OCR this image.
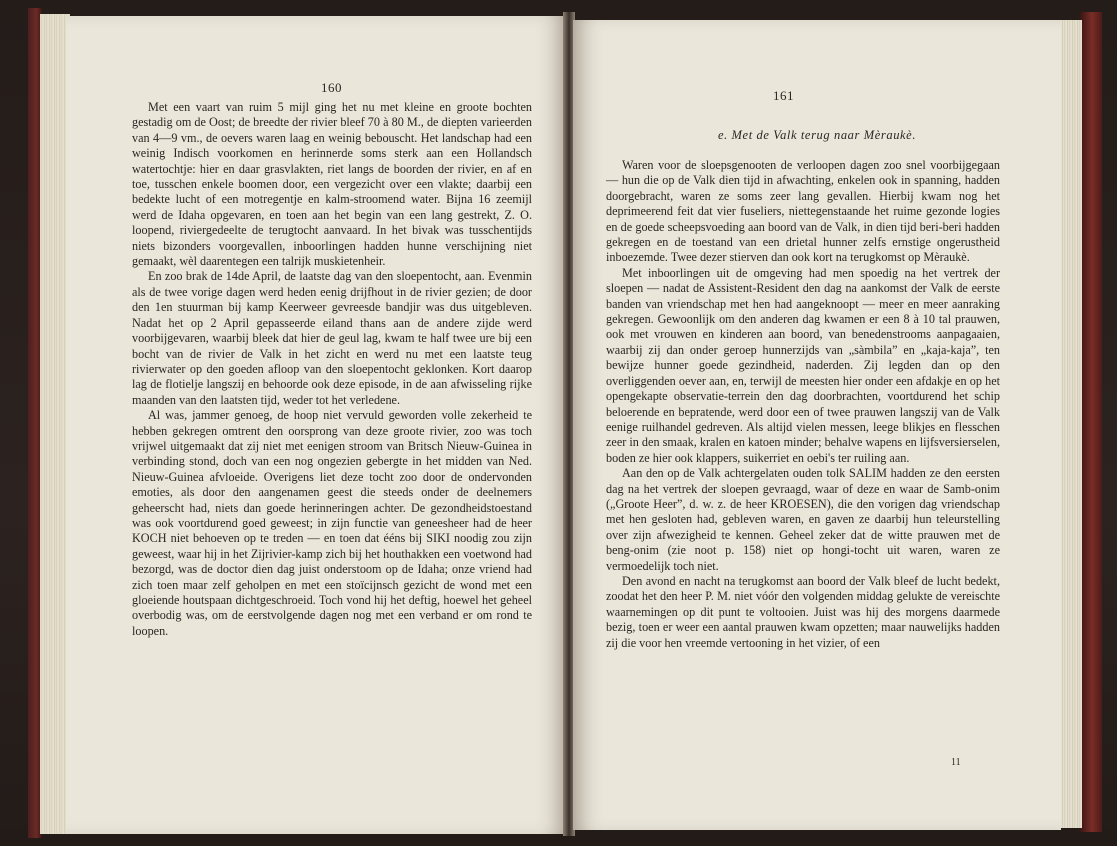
160

Met een vaart van ruim 5 mijl ging het nu met kleine en groote bochten gestadig om de Oost; de breedte der rivier bleef 70 à 80 M., de diepten varieerden van 4—9 vm., de oevers waren laag en weinig bebouscht. Het landschap had een weinig Indisch voorkomen en herinnerde soms sterk aan een Hollandsch watertochtje: hier en daar grasvlakten, riet langs de boorden der rivier, en af en toe, tusschen enkele boomen door, een vergezicht over een vlakte; daarbij een bedekte lucht of een motregentje en kalm-stroomend water. Bijna 16 zeemijl werd de Idaha opgevaren, en toen aan het begin van een lang gestrekt, Z. O. loopend, riviergedeelte de terugtocht aanvaard. In het bivak was tusschentijds niets bizonders voorgevallen, inboorlingen hadden hunne verschijning niet gemaakt, wèl daarentegen een talrijk muskietenheir.

En zoo brak de 14de April, de laatste dag van den sloepentocht, aan. Evenmin als de twee vorige dagen werd heden eenig drijfhout in de rivier gezien; de door den 1en stuurman bij kamp Keerweer gevreesde bandjir was dus uitgebleven. Nadat het op 2 April gepasseerde eiland thans aan de andere zijde werd voorbijgevaren, waarbij bleek dat hier de geul lag, kwam te half twee ure bij een bocht van de rivier de Valk in het zicht en werd nu met een laatste teug rivierwater op den goeden afloop van den sloepentocht geklonken. Kort daarop lag de flotielje langszij en behoorde ook deze episode, in de aan afwisseling rijke maanden van den laatsten tijd, weder tot het verledene.

Al was, jammer genoeg, de hoop niet vervuld geworden volle zekerheid te hebben gekregen omtrent den oorsprong van deze groote rivier, zoo was toch vrijwel uitgemaakt dat zij niet met eenigen stroom van Britsch Nieuw-Guinea in verbinding stond, doch van een nog ongezien gebergte in het midden van Ned. Nieuw-Guinea afvloeide. Overigens liet deze tocht zoo door de ondervonden emoties, als door den aangenamen geest die steeds onder de deelnemers geheerscht had, niets dan goede herinneringen achter. De gezondheidstoestand was ook voortdurend goed geweest; in zijn functie van geneesheer had de heer KOCH niet behoeven op te treden — en toen dat ééns bij SIKI noodig zou zijn geweest, waar hij in het Zijrivier-kamp zich bij het houthakken een voetwond had bezorgd, was de doctor dien dag juist onderstoom op de Idaha; onze vriend had zich toen maar zelf geholpen en met een stoïcijnsch gezicht de wond met een gloeiende houtspaan dichtgeschroeid. Toch vond hij het deftig, hoewel het geheel overbodig was, om de eerstvolgende dagen nog met een verband er om rond te loopen.

161
e. Met de Valk terug naar Mèraukè.

Waren voor de sloepsgenooten de verloopen dagen zoo snel voorbijgegaan — hun die op de Valk dien tijd in afwachting, enkelen ook in spanning, hadden doorgebracht, waren ze soms zeer lang gevallen. Hierbij kwam nog het deprimeerend feit dat vier fuseliers, niettegenstaande het ruime gezonde logies en de goede scheepsvoeding aan boord van de Valk, in dien tijd beri-beri hadden gekregen en de toestand van een drietal hunner zelfs ernstige ongerustheid inboezemde. Twee dezer stierven dan ook kort na terugkomst op Mèraukè.

Met inboorlingen uit de omgeving had men spoedig na het vertrek der sloepen — nadat de Assistent-Resident den dag na aankomst der Valk de eerste banden van vriendschap met hen had aangeknoopt — meer en meer aanraking gekregen. Gewoonlijk om den anderen dag kwamen er een 8 à 10 tal prauwen, ook met vrouwen en kinderen aan boord, van benedenstrooms aanpagaaien, waarbij zij dan onder geroep hunnerzijds van „sàmbila” en „kaja-kaja”, ten bewijze hunner goede gezindheid, naderden. Zij legden dan op den overliggenden oever aan, en, terwijl de meesten hier onder een afdakje en op het opengekapte observatie-terrein den dag doorbrachten, voortdurend het schip beloerende en bepratende, werd door een of twee prauwen langszij van de Valk eenige ruilhandel gedreven. Als altijd vielen messen, leege blikjes en flesschen zeer in den smaak, kralen en katoen minder; behalve wapens en lijfsversierselen, boden ze hier ook klappers, suikerriet en oebi's ter ruiling aan.

Aan den op de Valk achtergelaten ouden tolk SALIM hadden ze den eersten dag na het vertrek der sloepen gevraagd, waar of deze en waar de Samb-onim („Groote Heer”, d. w. z. de heer KROESEN), die den vorigen dag vriendschap met hen gesloten had, gebleven waren, en gaven ze daarbij hun teleurstelling over zijn afwezigheid te kennen. Geheel zeker dat de witte prauwen met de beng-onim (zie noot p. 158) niet op hongi-tocht uit waren, waren ze vermoedelijk toch niet.

Den avond en nacht na terugkomst aan boord der Valk bleef de lucht bedekt, zoodat het den heer P. M. niet vóór den volgenden middag gelukte de vereischte waarnemingen op dit punt te voltooien. Juist was hij des morgens daarmede bezig, toen er weer een aantal prauwen kwam opzetten; maar nauwelijks hadden zij die voor hen vreemde vertooning in het vizier, of een

11
